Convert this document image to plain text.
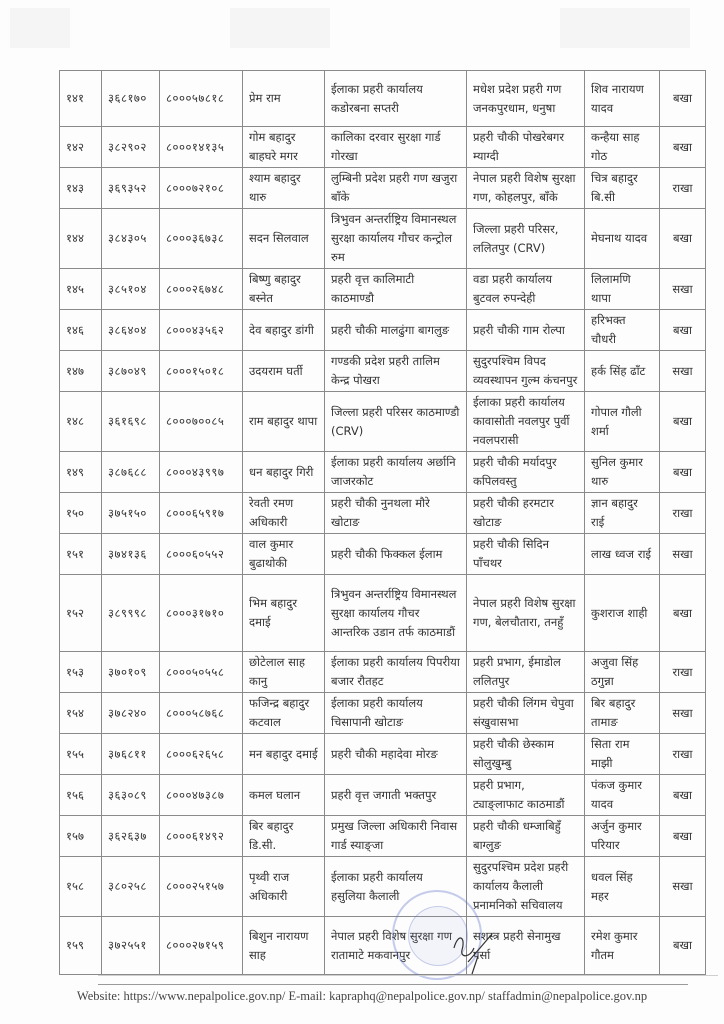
१४१	३६८१७०	८०००५७८१८	प्रेम राम	ईलाका प्रहरी कार्यालय कडोरबना सप्तरी	मधेश प्रदेश प्रहरी गण जनकपुरधाम, धनुषा	शिव नारायण यादव	बखा
१४२	३८२९०२	८०००१४१३५	गोम बहादुर बाहघरे मगर	कालिका दरवार सुरक्षा गार्ड गोरखा	प्रहरी चौकी पोखरेबगर म्याग्दी	कन्हैया साह गोठ	बखा
१४३	३६९३५२	८०००७२१०८	श्याम बहादुर थारु	लुम्बिनी प्रदेश प्रहरी गण खजुरा बाँके	नेपाल प्रहरी विशेष सुरक्षा गण, कोहलपुर, बाँके	चित्र बहादुर बि.सी	राखा
१४४	३८४३०५	८०००३६७३८	सदन सिलवाल	त्रिभुवन अन्तर्राष्ट्रिय विमानस्थल सुरक्षा कार्यालय गौचर कन्ट्रोल रुम	जिल्ला प्रहरी परिसर, ललितपुर (CRV)	मेघनाथ यादव	बखा
१४५	३८५१०४	८०००२६७४८	बिष्णु बहादुर बस्नेत	प्रहरी वृत्त कालिमाटी काठमाण्डौ	वडा प्रहरी कार्यालय बुटवल रुपन्देही	लिलामणि थापा	सखा
१४६	३८६४०४	८०००४३५६२	देव बहादुर डांगी	प्रहरी चौकी मालढुंगा बागलुङ	प्रहरी चौकी गाम रोल्पा	हरिभक्त चौधरी	बखा
१४७	३८७०४९	८०००१५०१८	उदयराम घर्ती	गण्डकी प्रदेश प्रहरी तालिम केन्द्र पोखरा	सुदुरपश्चिम विपद व्यवस्थापन गुल्म कंचनपुर	हर्क सिंह ढाँट	सखा
१४८	३६१६९८	८०००७००८५	राम बहादुर थापा	जिल्ला प्रहरी परिसर काठमाण्डौ (CRV)	ईलाका प्रहरी कार्यालय कावासोती नवलपुर पुर्वी नवलपरासी	गोपाल गौली शर्मा	बखा
१४९	३८७६८८	८०००४३९९७	धन बहादुर गिरी	ईलाका प्रहरी कार्यालय अर्छानि जाजरकोट	प्रहरी चौकी मर्यादपुर कपिलवस्तु	सुनिल कुमार थारु	बखा
१५०	३७५१५०	८०००६५९१७	रेवती रमण अधिकारी	प्रहरी चौकी नुनथला मौरे खोटाङ	प्रहरी चौकी हरमटार खोटाङ	ज्ञान बहादुर राई	राखा
१५१	३७४१३६	८०००६०५५२	वाल कुमार बुढाथोकी	प्रहरी चौकी फिक्कल ईलाम	प्रहरी चौकी सिदिन पाँचथर	लाख ध्वज राई	सखा
१५२	३८९९९८	८०००३१७१०	भिम बहादुर दमाई	त्रिभुवन अन्तर्राष्ट्रिय विमानस्थल सुरक्षा कार्यालय गौचर आन्तरिक उडान तर्फ काठमाडौं	नेपाल प्रहरी विशेष सुरक्षा गण, बेलचौतारा, तनहुँ	कुशराज शाही	बखा
१५३	३७०१०९	८०००५०५५८	छोटेलाल साह कानु	ईलाका प्रहरी कार्यालय पिपरीया बजार रौतहट	प्रहरी प्रभाग, ईमाडोल ललितपुर	अजुवा सिंह ठगुन्ना	राखा
१५४	३७८२४०	८०००५८७६८	फजिन्द्र बहादुर कटवाल	ईलाका प्रहरी कार्यालय चिसापानी खोटाङ	प्रहरी चौकी लिंगम चेपुवा संखुवासभा	बिर बहादुर तामाङ	सखा
१५५	३७६८११	८०००६२६५८	मन बहादुर दमाई	प्रहरी चौकी महादेवा मोरङ	प्रहरी चौकी छेस्काम सोलुखुम्बु	सिता राम माझी	राखा
१५६	३६३०८९	८०००४७३८७	कमल घलान	प्रहरी वृत्त जगाती भक्तपुर	प्रहरी प्रभाग, ट्याङ्लाफाट काठमाडौं	पंकज कुमार यादव	बखा
१५७	३६२६३७	८०००६१४९२	बिर बहादुर डि.सी.	प्रमुख जिल्ला अधिकारी निवास गार्ड स्याङ्जा	प्रहरी चौकी धम्जाबिहुँ बाग्लुङ	अर्जुन कुमार परियार	बखा
१५८	३८०२५८	८०००२५१५७	पृथ्वी राज अधिकारी	ईलाका प्रहरी कार्यालय हसुलिया कैलाली	सुदुरपश्चिम प्रदेश प्रहरी कार्यालय कैलाली प्रनामनिको सचिवालय	धवल सिंह महर	सखा
१५९	३७२५५१	८०००२७१५९	बिशुन नारायण साह	नेपाल प्रहरी विशेष सुरक्षा गण रातामाटे मकवानपुर	सशस्त्र प्रहरी सेनामुख पर्सा	रमेश कुमार गौतम	बखा
Website: https://www.nepalpolice.gov.np/ E-mail: kapraphq@nepalpolice.gov.np/ staffadmin@nepalpolice.gov.np
